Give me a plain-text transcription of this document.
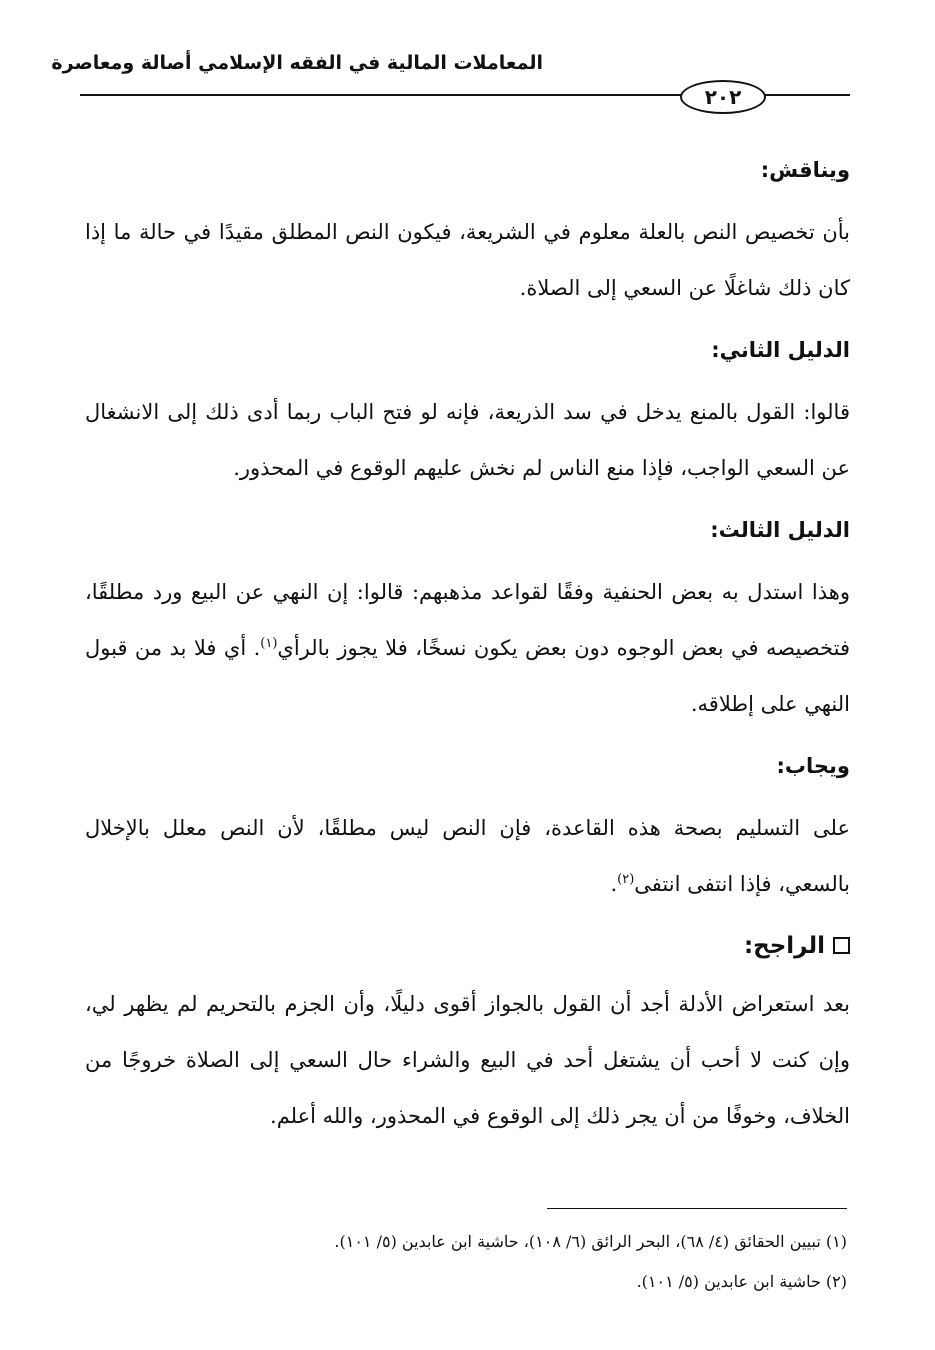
المعاملات المالية في الفقه الإسلامي أصالة ومعاصرة
٢٠٢
ويناقش:

بأن تخصيص النص بالعلة معلوم في الشريعة، فيكون النص المطلق مقيدًا في حالة ما إذا كان ذلك شاغلًا عن السعي إلى الصلاة.

الدليل الثاني:

قالوا: القول بالمنع يدخل في سد الذريعة، فإنه لو فتح الباب ربما أدى ذلك إلى الانشغال عن السعي الواجب، فإذا منع الناس لم نخش عليهم الوقوع في المحذور.

الدليل الثالث:

وهذا استدل به بعض الحنفية وفقًا لقواعد مذهبهم: قالوا: إن النهي عن البيع ورد مطلقًا، فتخصيصه في بعض الوجوه دون بعض يكون نسخًا، فلا يجوز بالرأي$^{(١)}$. أي فلا بد من قبول النهي على إطلاقه.

ويجاب:

على التسليم بصحة هذه القاعدة، فإن النص ليس مطلقًا، لأن النص معلل بالإخلال بالسعي، فإذا انتفى انتفى$^{(٢)}$.

الراجح:

بعد استعراض الأدلة أجد أن القول بالجواز أقوى دليلًا، وأن الجزم بالتحريم لم يظهر لي، وإن كنت لا أحب أن يشتغل أحد في البيع والشراء حال السعي إلى الصلاة خروجًا من الخلاف، وخوفًا من أن يجر ذلك إلى الوقوع في المحذور، والله أعلم.

(١) تبيين الحقائق (٤/ ٦٨)، البحر الرائق (٦/ ١٠٨)، حاشية ابن عابدين (٥/ ١٠١).

(٢) حاشية ابن عابدين (٥/ ١٠١).
